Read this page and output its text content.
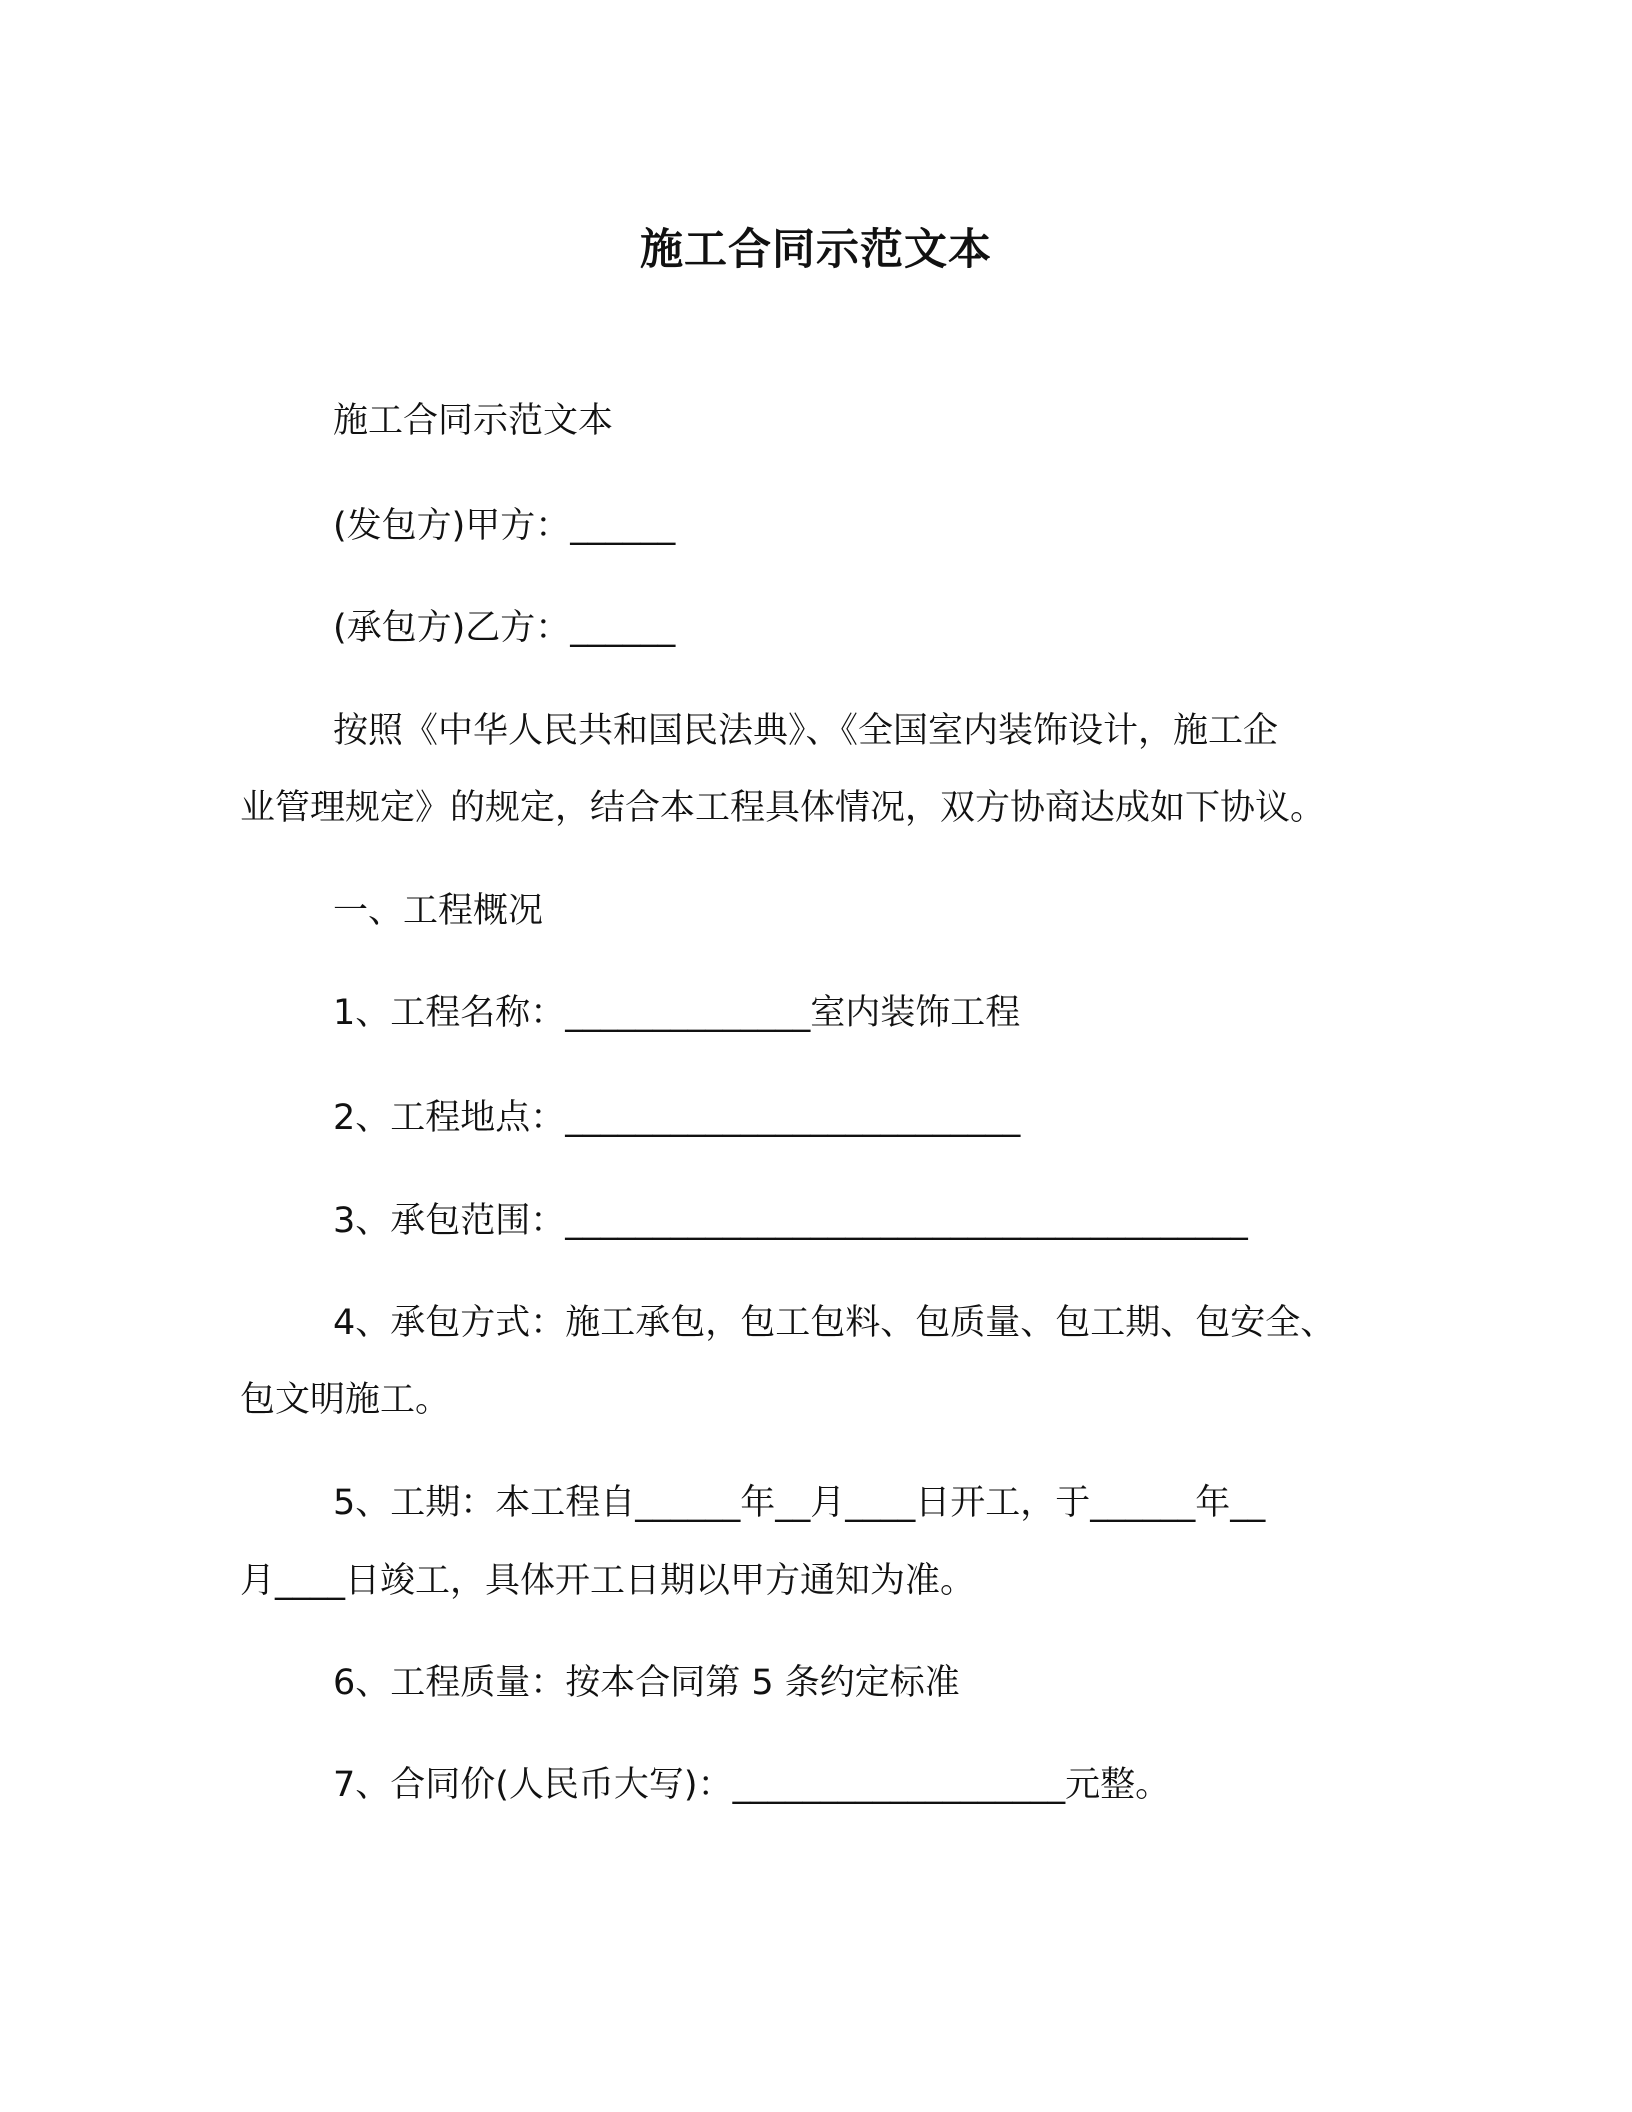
施工合同示范文本
施工合同示范文本
(发包方)甲方：______
(承包方)乙方：______
按照《中华人民共和国民法典》、《全国室内装饰设计，施工企
业管理规定》的规定，结合本工程具体情况，双方协商达成如下协议。
一、工程概况
1、工程名称：______________室内装饰工程
2、工程地点：__________________________
3、承包范围：_______________________________________
4、承包方式：施工承包，包工包料、包质量、包工期、包安全、
包文明施工。
5、工期：本工程自______年__月____日开工，于______年__
月____日竣工，具体开工日期以甲方通知为准。
6、工程质量：按本合同第 5 条约定标准
7、合同价(人民币大写)：___________________元整。
